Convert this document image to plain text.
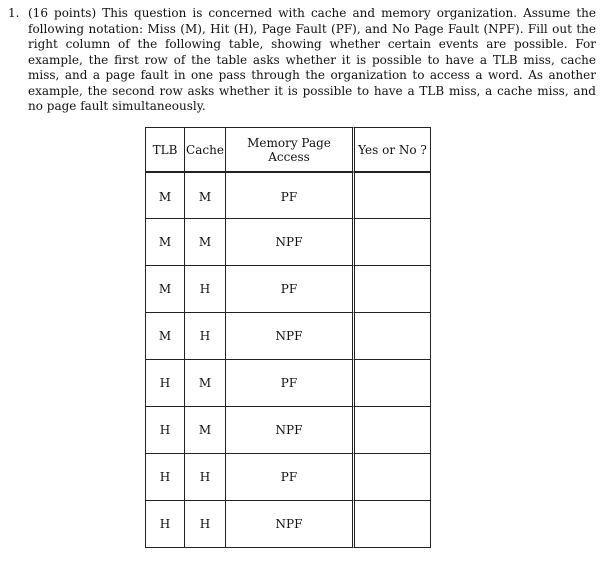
1. (16 points) This question is concerned with cache and memory organization. Assume the following notation: Miss (M), Hit (H), Page Fault (PF), and No Page Fault (NPF). Fill out the right column of the following table, showing whether certain events are possible. For example, the first row of the table asks whether it is possible to have a TLB miss, cache miss, and a page fault in one pass through the organization to access a word. As another example, the second row asks whether it is possible to have a TLB miss, a cache miss, and no page fault simultaneously.
TLB	Cache	Memory Page Access	Yes or No ?
M	M	PF	
M	M	NPF	
M	H	PF	
M	H	NPF	
H	M	PF	
H	M	NPF	
H	H	PF	
H	H	NPF	
